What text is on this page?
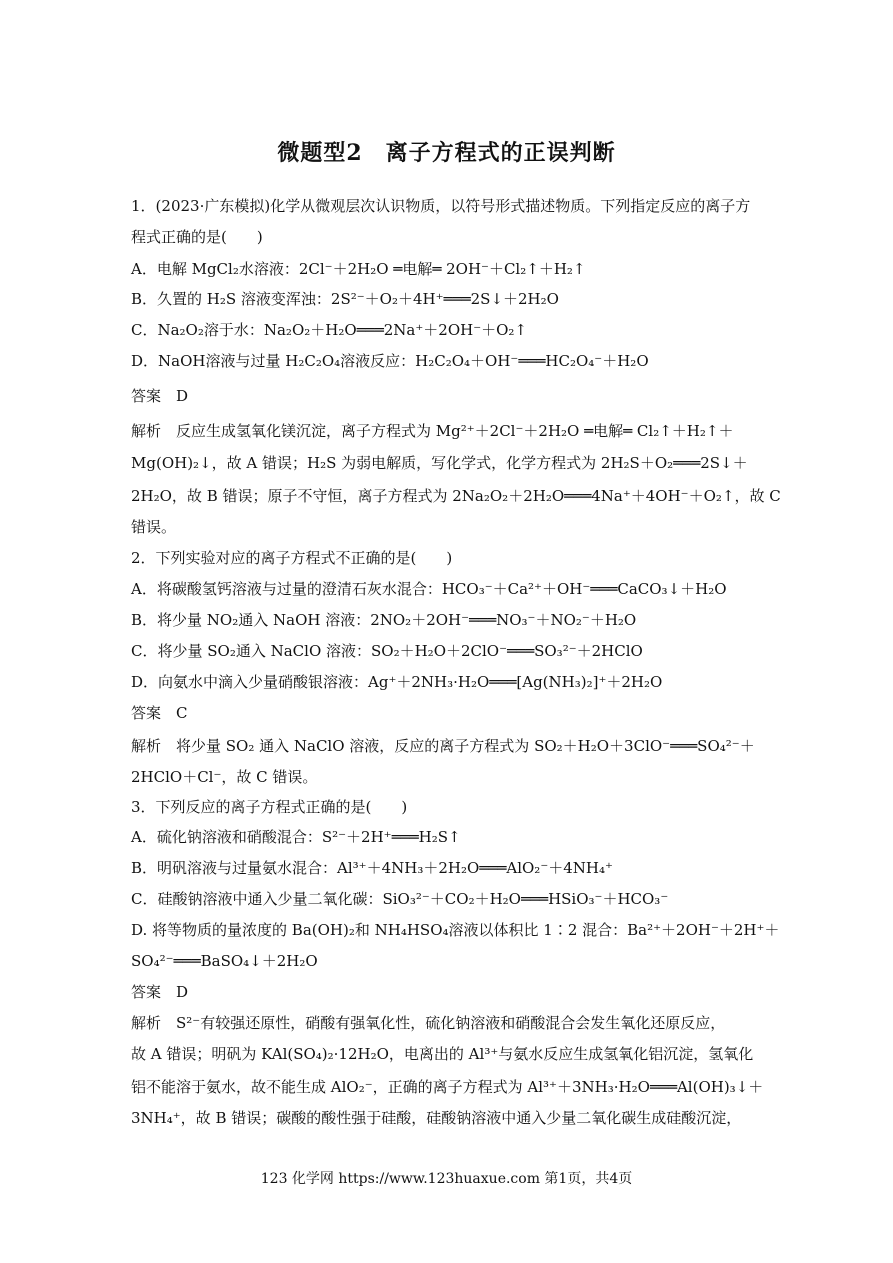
微题型2　离子方程式的正误判断
1．(2023·广东模拟)化学从微观层次认识物质，以符号形式描述物质。下列指定反应的离子方
程式正确的是(　　)
A．电解 MgCl₂水溶液：2Cl⁻＋2H₂O ═电解═ 2OH⁻＋Cl₂↑＋H₂↑
B．久置的 H₂S 溶液变浑浊：2S²⁻＋O₂＋4H⁺═══2S↓＋2H₂O
C．Na₂O₂溶于水：Na₂O₂＋H₂O═══2Na⁺＋2OH⁻＋O₂↑
D．NaOH溶液与过量 H₂C₂O₄溶液反应：H₂C₂O₄＋OH⁻═══HC₂O₄⁻＋H₂O
答案　D
解析　反应生成氢氧化镁沉淀，离子方程式为 Mg²⁺＋2Cl⁻＋2H₂O ═电解═ Cl₂↑＋H₂↑＋
Mg(OH)₂↓，故 A 错误；H₂S 为弱电解质，写化学式，化学方程式为 2H₂S＋O₂═══2S↓＋
2H₂O，故 B 错误；原子不守恒，离子方程式为 2Na₂O₂＋2H₂O═══4Na⁺＋4OH⁻＋O₂↑，故 C
错误。
2．下列实验对应的离子方程式不正确的是(　　)
A．将碳酸氢钙溶液与过量的澄清石灰水混合：HCO₃⁻＋Ca²⁺＋OH⁻═══CaCO₃↓＋H₂O
B．将少量 NO₂通入 NaOH 溶液：2NO₂＋2OH⁻═══NO₃⁻＋NO₂⁻＋H₂O
C．将少量 SO₂通入 NaClO 溶液：SO₂＋H₂O＋2ClO⁻═══SO₃²⁻＋2HClO
D．向氨水中滴入少量硝酸银溶液：Ag⁺＋2NH₃·H₂O═══[Ag(NH₃)₂]⁺＋2H₂O
答案　C
解析　将少量 SO₂ 通入 NaClO 溶液，反应的离子方程式为 SO₂＋H₂O＋3ClO⁻═══SO₄²⁻＋
2HClO＋Cl⁻，故 C 错误。
3．下列反应的离子方程式正确的是(　　)
A．硫化钠溶液和硝酸混合：S²⁻＋2H⁺═══H₂S↑
B．明矾溶液与过量氨水混合：Al³⁺＋4NH₃＋2H₂O═══AlO₂⁻＋4NH₄⁺
C．硅酸钠溶液中通入少量二氧化碳：SiO₃²⁻＋CO₂＋H₂O═══HSiO₃⁻＋HCO₃⁻
D. 将等物质的量浓度的 Ba(OH)₂和 NH₄HSO₄溶液以体积比 1∶2 混合：Ba²⁺＋2OH⁻＋2H⁺＋
SO₄²⁻═══BaSO₄↓＋2H₂O
答案　D
解析　S²⁻有较强还原性，硝酸有强氧化性，硫化钠溶液和硝酸混合会发生氧化还原反应，
故 A 错误；明矾为 KAl(SO₄)₂·12H₂O，电离出的 Al³⁺与氨水反应生成氢氧化铝沉淀，氢氧化
铝不能溶于氨水，故不能生成 AlO₂⁻，正确的离子方程式为 Al³⁺＋3NH₃·H₂O═══Al(OH)₃↓＋
3NH₄⁺，故 B 错误；碳酸的酸性强于硅酸，硅酸钠溶液中通入少量二氧化碳生成硅酸沉淀，
123 化学网 https://www.123huaxue.com 第1页，共4页
